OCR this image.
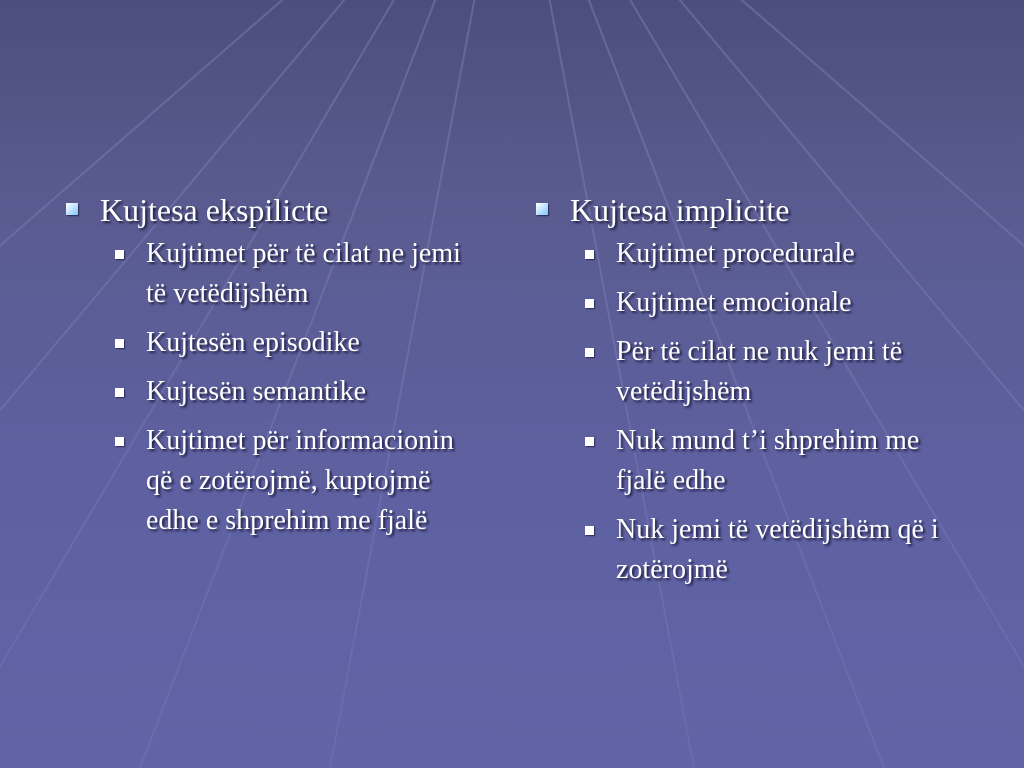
Kujtesa ekspilicte
Kujtimet për të cilat ne jemi të vetëdijshëm
Kujtesën episodike
Kujtesën semantike
Kujtimet për informacionin që e zotërojmë, kuptojmë edhe e shprehim me fjalë
Kujtesa implicite
Kujtimet procedurale
Kujtimet emocionale
Për të cilat ne nuk jemi të vetëdijshëm
Nuk mund t’i shprehim me fjalë edhe
Nuk jemi të vetëdijshëm që i zotërojmë
